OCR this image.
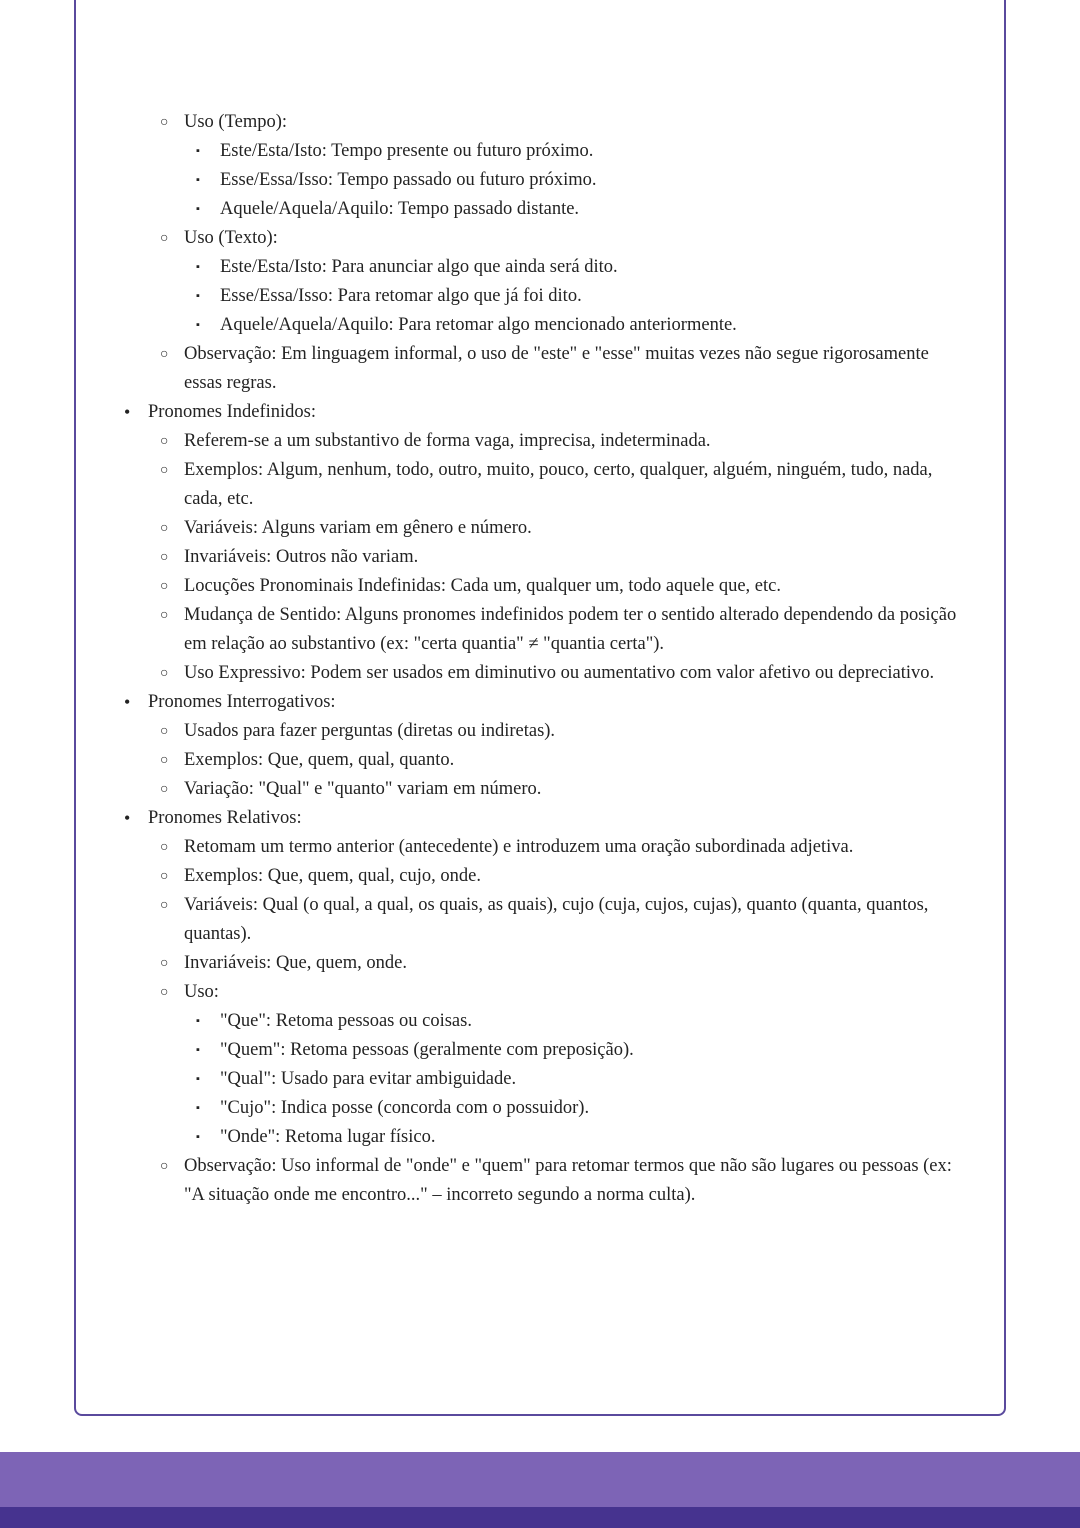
○ Uso (Tempo):
▪	Este/Esta/Isto: Tempo presente ou futuro próximo.
▪	Esse/Essa/Isso: Tempo passado ou futuro próximo.
▪	Aquele/Aquela/Aquilo: Tempo passado distante.
○ Uso (Texto):
▪	Este/Esta/Isto: Para anunciar algo que ainda será dito.
▪	Esse/Essa/Isso: Para retomar algo que já foi dito.
▪	Aquele/Aquela/Aquilo: Para retomar algo mencionado anteriormente.
○ Observação: Em linguagem informal, o uso de "este" e "esse" muitas vezes não segue rigorosamente essas regras.
• Pronomes Indefinidos:
○ Referem-se a um substantivo de forma vaga, imprecisa, indeterminada.
○ Exemplos: Algum, nenhum, todo, outro, muito, pouco, certo, qualquer, alguém, ninguém, tudo, nada, cada, etc.
○ Variáveis: Alguns variam em gênero e número.
○ Invariáveis: Outros não variam.
○ Locuções Pronominais Indefinidas: Cada um, qualquer um, todo aquele que, etc.
○ Mudança de Sentido: Alguns pronomes indefinidos podem ter o sentido alterado dependendo da posição em relação ao substantivo (ex: "certa quantia" ≠ "quantia certa").
○ Uso Expressivo: Podem ser usados em diminutivo ou aumentativo com valor afetivo ou depreciativo.
• Pronomes Interrogativos:
○ Usados para fazer perguntas (diretas ou indiretas).
○ Exemplos: Que, quem, qual, quanto.
○ Variação: "Qual" e "quanto" variam em número.
• Pronomes Relativos:
○ Retomam um termo anterior (antecedente) e introduzem uma oração subordinada adjetiva.
○ Exemplos: Que, quem, qual, cujo, onde.
○ Variáveis: Qual (o qual, a qual, os quais, as quais), cujo (cuja, cujos, cujas), quanto (quanta, quantos, quantas).
○ Invariáveis: Que, quem, onde.
○ Uso:
▪	"Que": Retoma pessoas ou coisas.
▪	"Quem": Retoma pessoas (geralmente com preposição).
▪	"Qual": Usado para evitar ambiguidade.
▪	"Cujo": Indica posse (concorda com o possuidor).
▪	"Onde": Retoma lugar físico.
○ Observação: Uso informal de "onde" e "quem" para retomar termos que não são lugares ou pessoas (ex: "A situação onde me encontro..." – incorreto segundo a norma culta).
